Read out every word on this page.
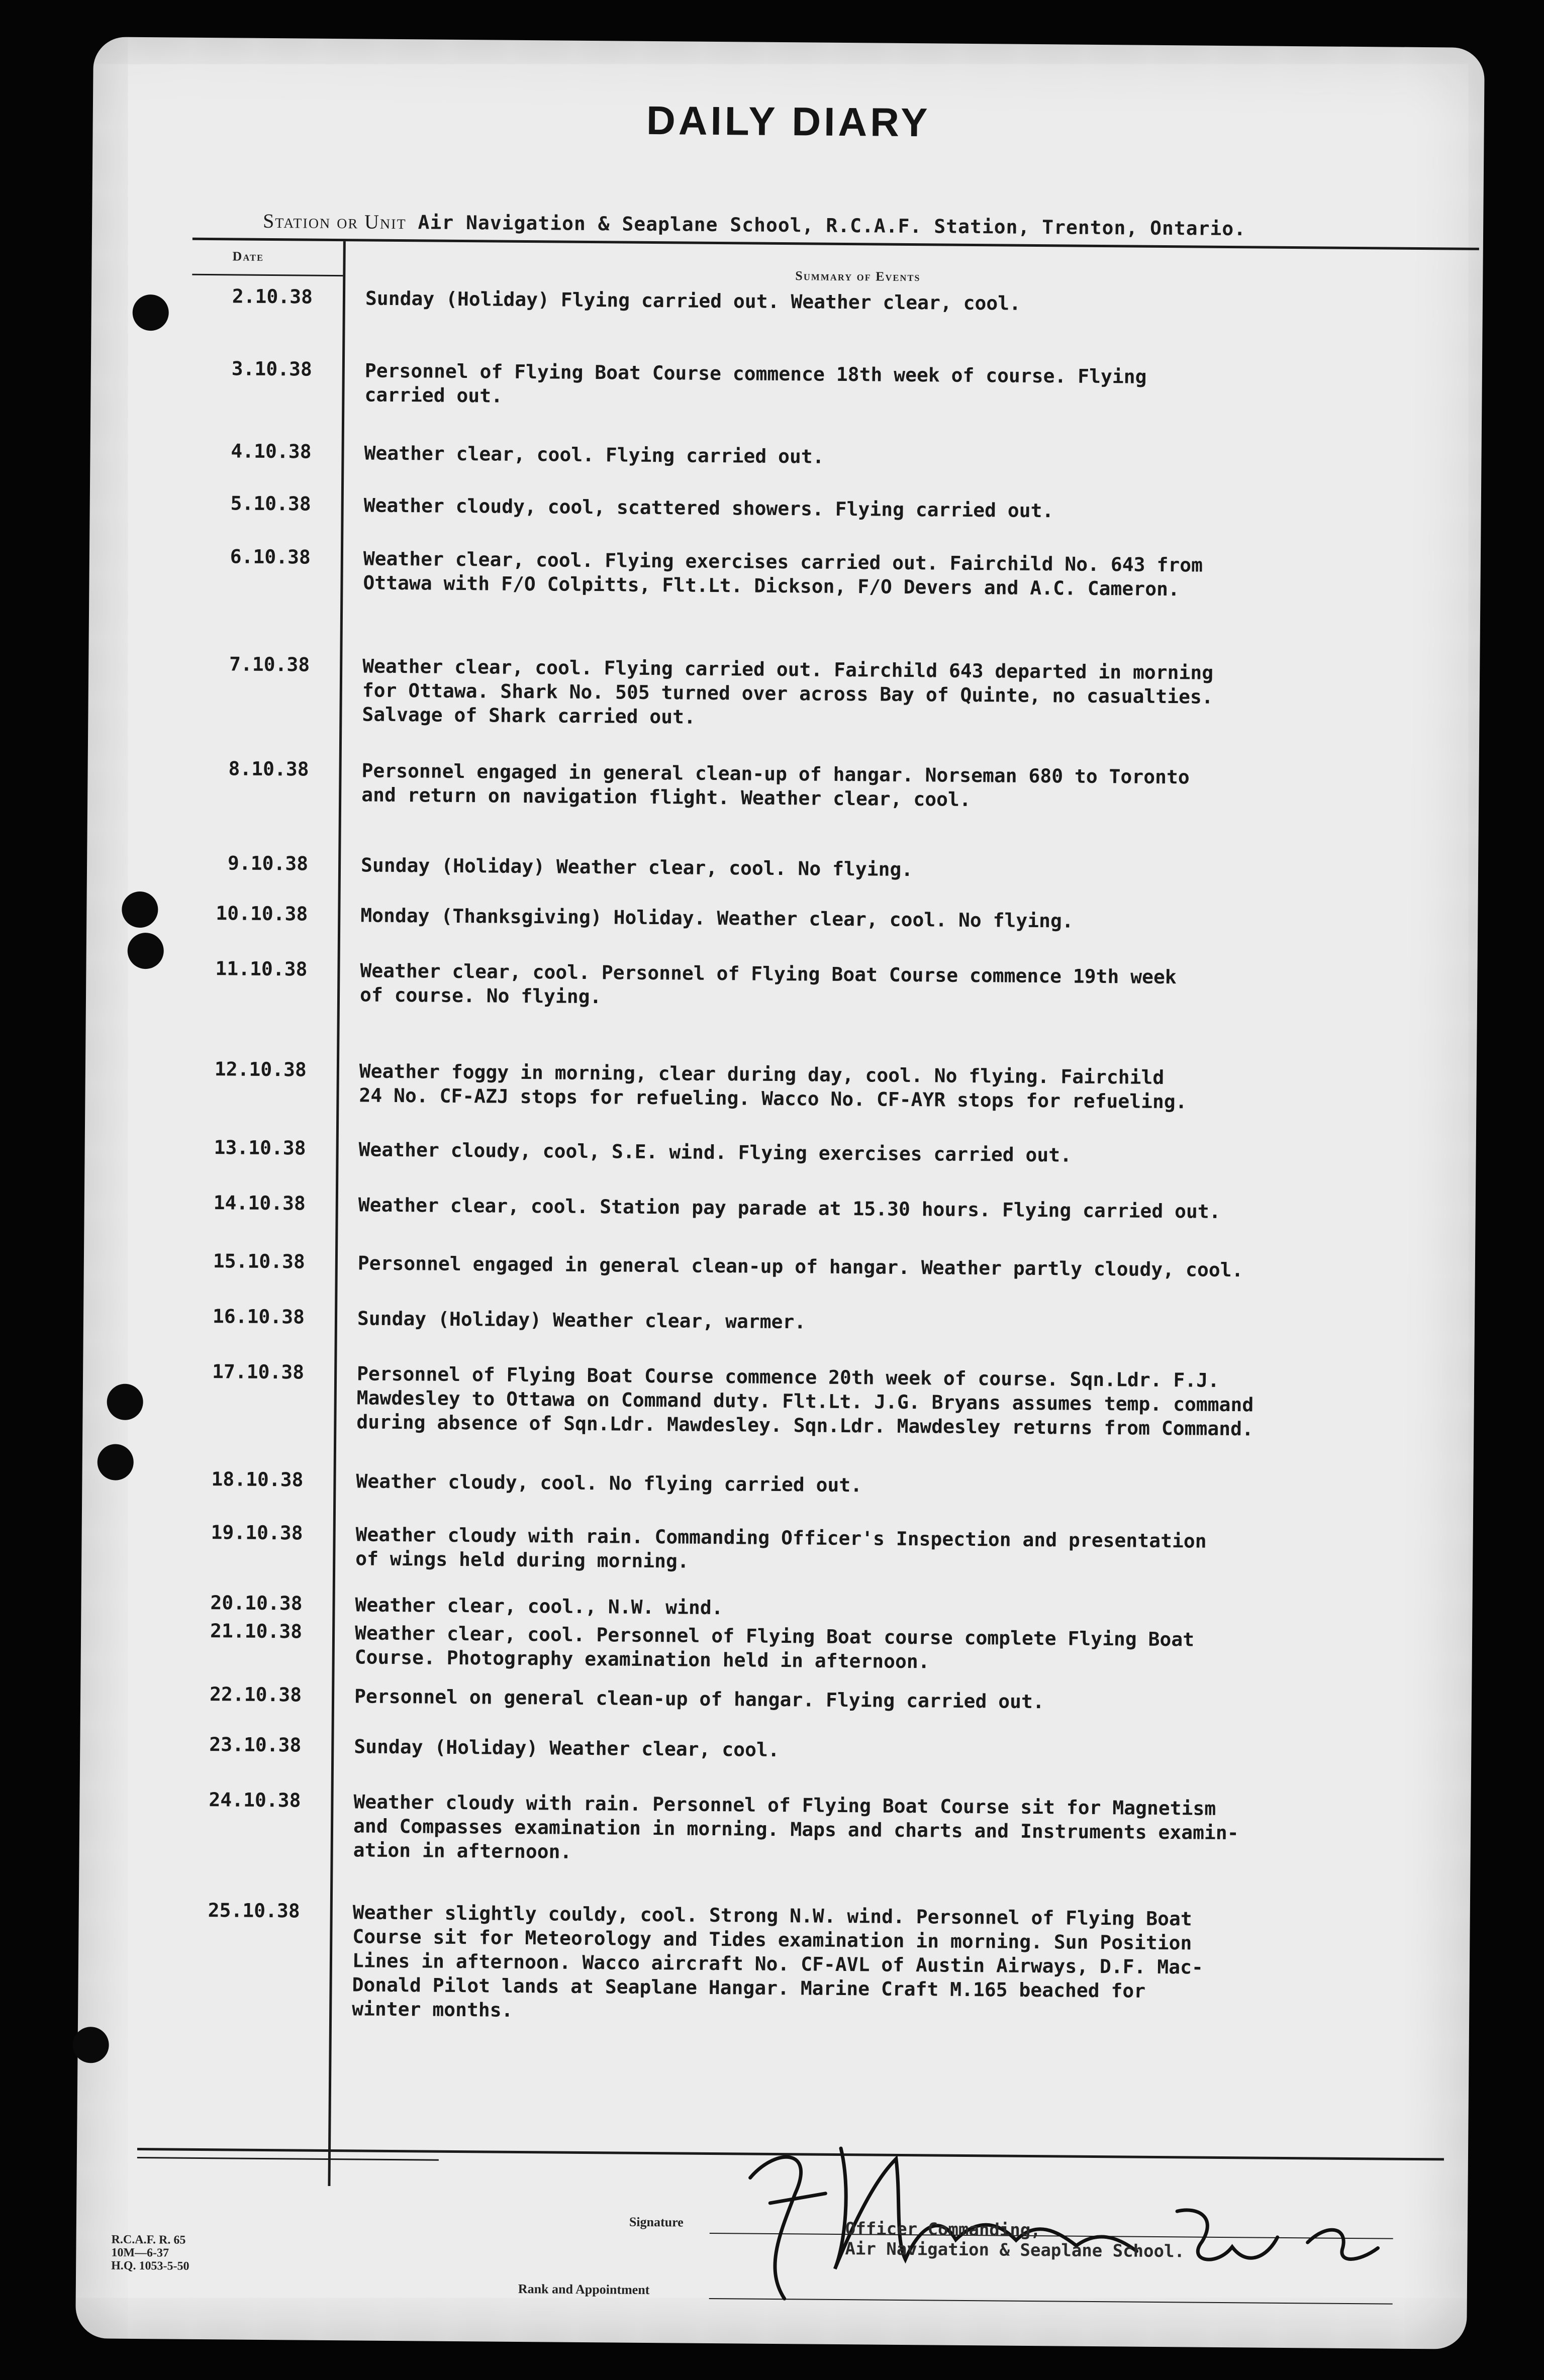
DAILY DIARY
Station or Unit Air Navigation & Seaplane School, R.C.A.F. Station, Trenton, Ontario.
Date
Summary of Events
2.10.38	Sunday (Holiday) Flying carried out. Weather clear, cool.
3.10.38	Personnel of Flying Boat Course commence 18th week of course. Flying
carried out.
4.10.38	Weather clear, cool. Flying carried out.
5.10.38	Weather cloudy, cool, scattered showers. Flying carried out.
6.10.38	Weather clear, cool. Flying exercises carried out. Fairchild No. 643 from
Ottawa with F/O Colpitts, Flt.Lt. Dickson, F/O Devers and A.C. Cameron.
7.10.38	Weather clear, cool. Flying carried out. Fairchild 643 departed in morning
for Ottawa. Shark No. 505 turned over across Bay of Quinte, no casualties.
Salvage of Shark carried out.
8.10.38	Personnel engaged in general clean-up of hangar. Norseman 680 to Toronto
and return on navigation flight. Weather clear, cool.
9.10.38	Sunday (Holiday) Weather clear, cool. No flying.
10.10.38	Monday (Thanksgiving) Holiday. Weather clear, cool. No flying.
11.10.38	Weather clear, cool. Personnel of Flying Boat Course commence 19th week
of course. No flying.
12.10.38	Weather foggy in morning, clear during day, cool. No flying. Fairchild
24 No. CF-AZJ stops for refueling. Wacco No. CF-AYR stops for refueling.
13.10.38	Weather cloudy, cool, S.E. wind. Flying exercises carried out.
14.10.38	Weather clear, cool. Station pay parade at 15.30 hours. Flying carried out.
15.10.38	Personnel engaged in general clean-up of hangar. Weather partly cloudy, cool.
16.10.38	Sunday (Holiday) Weather clear, warmer.
17.10.38	Personnel of Flying Boat Course commence 20th week of course. Sqn.Ldr. F.J.
Mawdesley to Ottawa on Command duty. Flt.Lt. J.G. Bryans assumes temp. command
during absence of Sqn.Ldr. Mawdesley. Sqn.Ldr. Mawdesley returns from Command.
18.10.38	Weather cloudy, cool. No flying carried out.
19.10.38	Weather cloudy with rain. Commanding Officer's Inspection and presentation
of wings held during morning.
20.10.38	Weather clear, cool., N.W. wind.
21.10.38	Weather clear, cool. Personnel of Flying Boat course complete Flying Boat
Course. Photography examination held in afternoon.
22.10.38	Personnel on general clean-up of hangar. Flying carried out.
23.10.38	Sunday (Holiday) Weather clear, cool.
24.10.38	Weather cloudy with rain. Personnel of Flying Boat Course sit for Magnetism
and Compasses examination in morning. Maps and charts and Instruments examin-
ation in afternoon.
25.10.38	Weather slightly couldy, cool. Strong N.W. wind. Personnel of Flying Boat
Course sit for Meteorology and Tides examination in morning. Sun Position
Lines in afternoon. Wacco aircraft No. CF-AVL of Austin Airways, D.F. Mac-
Donald Pilot lands at Seaplane Hangar. Marine Craft M.165 beached for
winter months.
R.C.A.F. R. 65
10M—6-37
H.Q. 1053-5-50
Signature
Rank and Appointment
Officer Commanding,
Air Navigation & Seaplane School.
